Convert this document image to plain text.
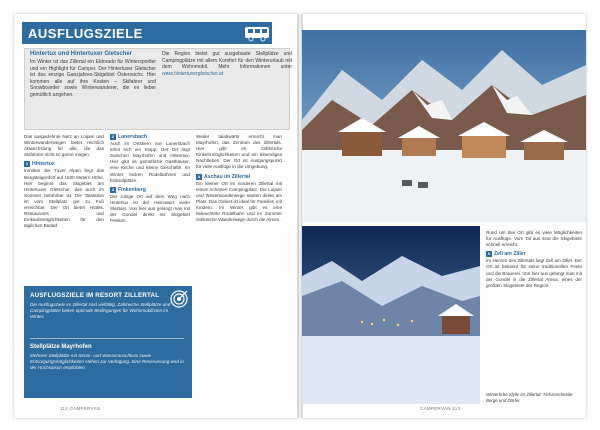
AUSFLUGSZIELE
Hintertux und Hintertuxer Gletscher
Im Winter ist das Zillertal ein Eldorado für Wintersportler und ein Highlight für Camper. Der Hintertuxer Gletscher ist das einzige Ganzjahres-Skigebiet Österreichs. Hier kommen alle auf ihre Kosten – Skifahrer und Snowboarder sowie Winterwanderer, die es lieber gemütlich angehen.
Die Region bietet gut ausgebaute Stellplätze und Campingplätze mit allem Komfort für den Winterurlaub mit dem Wohnmobil. Mehr Informationen unter www.hintertuxergletscher.at

Das ausgedehnte Netz an Loipen und Winterwanderwegen bietet reichlich Abwechslung für alle, die das Skifahren nicht so gerne mögen.

1 Hintertux

Inmitten der Tuxer Alpen liegt das Bergsteigerdorf auf 1500 Metern Höhe. Hier beginnt das Skigebiet am Hintertuxer Gletscher, das auch im Sommer befahrbar ist. Die Talstation ist vom Stellplatz gut zu Fuß erreichbar. Der Ort bietet Hotels, Restaurants und Einkaufsmöglichkeiten für den täglichen Bedarf.

2 Lanersbach

Auch im Ortskern von Lanersbach lohnt sich ein Stopp. Der Ort liegt zwischen Mayrhofen und Hintertux. Hier gibt es gemütliche Gasthäuser, eine Kirche und kleine Geschäfte. Im Winter locken Rodelbahnen und Eislaufplätze.

3 Finkenberg

Der ruhige Ort auf dem Weg nach Hintertux ist der Heimatort vieler Skistars. Von hier aus gelangt man mit der Gondel direkt ins Skigebiet Penken.

Weiter talabwärts erreicht man Mayrhofen, das Zentrum des Zillertals. Hier gibt es zahlreiche Einkehrmöglichkeiten und ein lebendiges Nachtleben. Der Ort ist Ausgangspunkt für viele Ausflüge in die Umgebung.

4 Aschau im Zillertal

Ein kleiner Ort im vorderen Zillertal mit einem schönen Campingplatz. Die Loipen und Winterwanderwege starten direkt am Platz. Das Gebiet ist ideal für Familien mit Kindern. Im Winter gibt es eine beleuchtete Rodelbahn und im Sommer zahlreiche Wanderwege durch die Almen.

AUSFLUGSZIELE IM RESORT ZILLERTAL
Die Ausflugsziele im Zillertal sind vielfältig. Zahlreiche Stellplätze und Campingplätze bieten optimale Bedingungen für Wohnmobilisten im Winter.
Stellplätze Mayrhofen
Mehrere Stellplätze mit Strom- und Wasseranschluss sowie Entsorgungsmöglichkeiten stehen zur Verfügung. Eine Reservierung wird in der Hochsaison empfohlen.

Rund um den Ort gibt es viele Möglichkeiten für Ausflüge. Vom Tal aus sind die Skigebiete schnell erreicht.

5 Zell am Ziller

Im Herzen des Zillertals liegt Zell am Ziller. Der Ort ist bekannt für seine traditionellen Feste und die Brauerei. Von hier aus gelangt man mit der Gondel in die Zillertal Arena, eines der größten Skigebiete der Region.

Winterliche Idylle im Zillertal: Tiefverschneite Berge und Dörfer.
112 CAMPERVAN	CAMPERVAN 113
